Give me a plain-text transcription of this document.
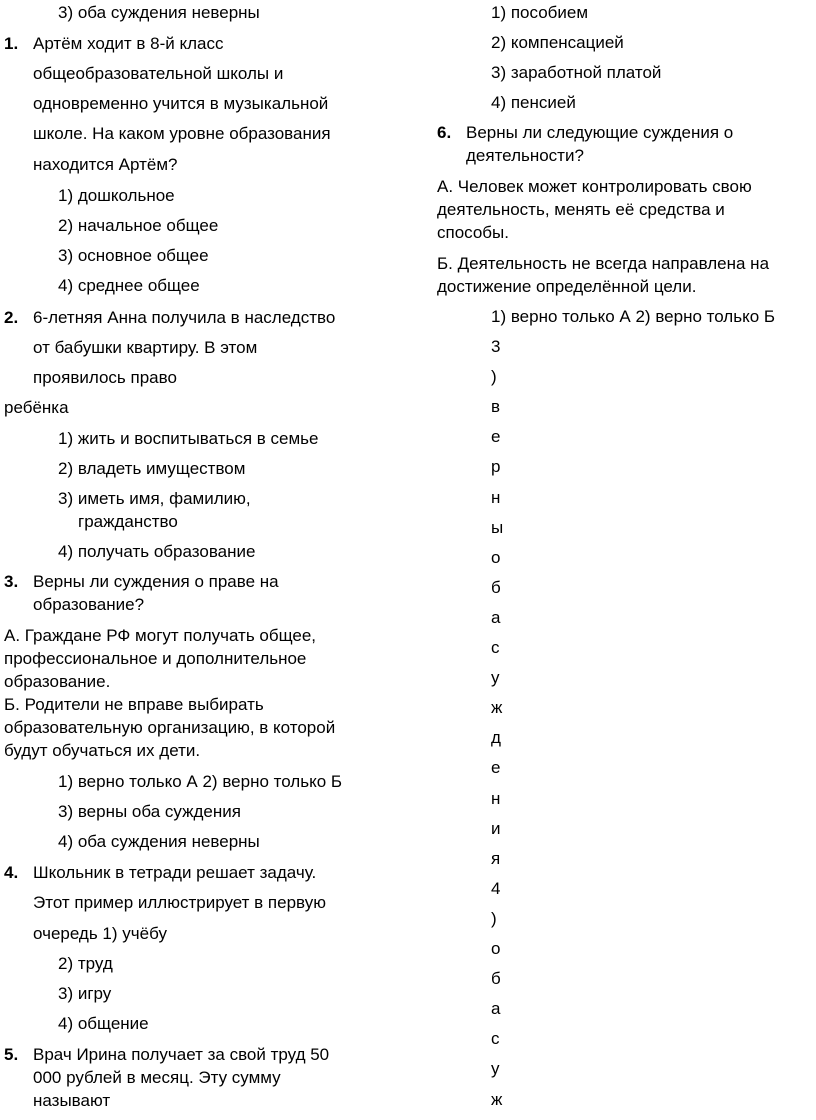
3) оба суждения неверны
1. Артём ходит в 8-й класс
общеобразовательной школы и
одновременно учится в музыкальной
школе. На каком уровне образования
находится Артём?
1) дошкольное
2) начальное общее
3) основное общее
4) среднее общее
2. 6-летняя Анна получила в наследство
от бабушки квартиру. В этом
проявилось право
ребёнка
1) жить и воспитываться в семье
2) владеть имуществом
3) иметь имя, фамилию,
гражданство
4) получать образование
3. Верны ли суждения о праве на
образование?
А. Граждане РФ могут получать общее,
профессиональное и дополнительное
образование.
Б. Родители не вправе выбирать
образовательную организацию, в которой
будут обучаться их дети.
1) верно только А 2) верно только Б
3) верны оба суждения
4) оба суждения неверны
4. Школьник в тетради решает задачу.
Этот пример иллюстрирует в первую
очередь 1) учёбу
2) труд
3) игру
4) общение
5. Врач Ирина получает за свой труд 50
000 рублей в месяц. Эту сумму
называют
1) пособием
2) компенсацией
3) заработной платой
4) пенсией
6. Верны ли следующие суждения о
деятельности?
А. Человек может контролировать свою
деятельность, менять её средства и
способы.
Б. Деятельность не всегда направлена на
достижение определённой цели.
1) верно только А 2) верно только Б
3
)
в
е
р
н
ы
о
б
а
с
у
ж
д
е
н
и
я
4
)
о
б
а
с
у
ж
